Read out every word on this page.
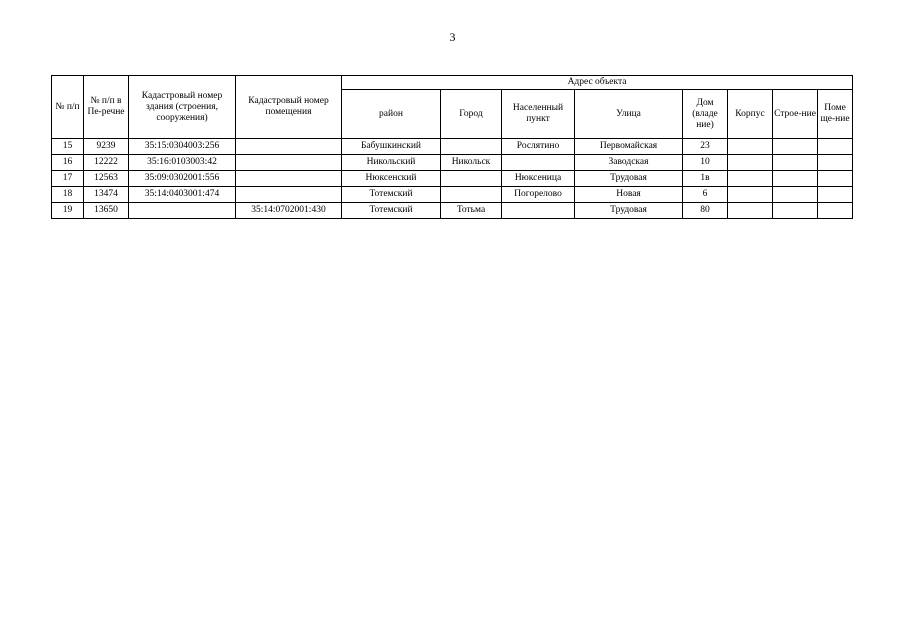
3
№ п/п	№ п/п в Пе-речне	Кадастровый номер здания (строения, сооружения)	Кадастровый номер помещения	Адрес объекта							
				район	Город	Населенный пункт	Улица	Дом (владе ние)	Корпус	Строе-ние	Поме ще-ние
15	9239	35:15:0304003:256		Бабушкинский		Рослятино	Первомайская	23			
16	12222	35:16:0103003:42		Никольский	Никольск		Заводская	10			
17	12563	35:09:0302001:556		Нюксенский		Нюксеница	Трудовая	1в			
18	13474	35:14:0403001:474		Тотемский		Погорелово	Новая	6			
19	13650		35:14:0702001:430	Тотемский	Тотьма		Трудовая	80			
